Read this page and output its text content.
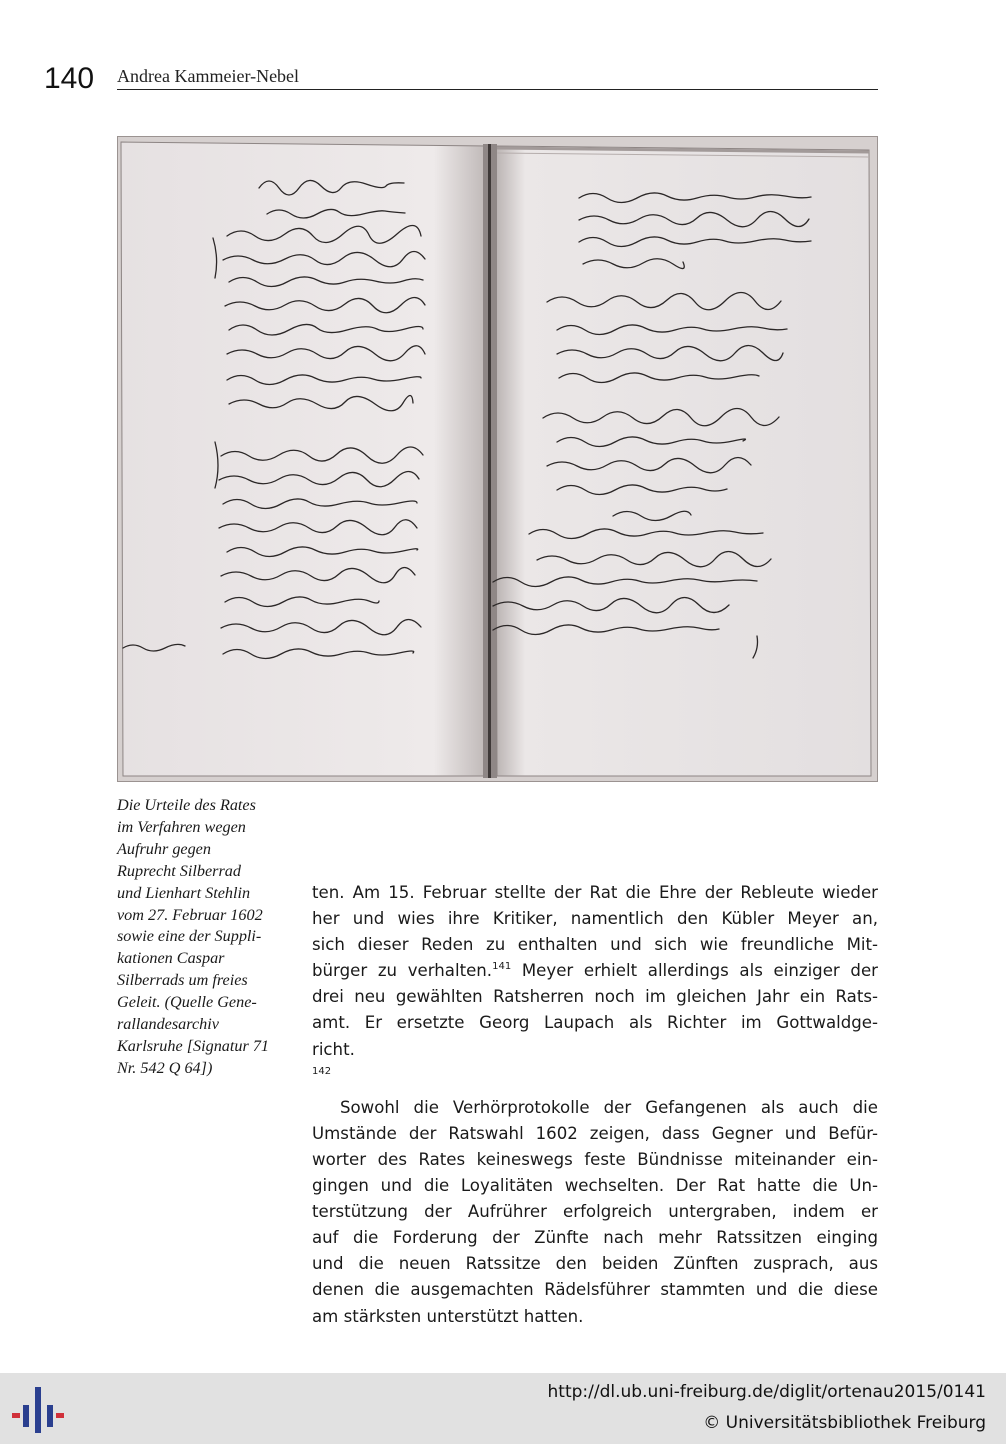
140 Andrea Kammeier-Nebel
Die Urteile des Rates
im Verfahren wegen
Aufruhr gegen
Ruprecht Silberrad
und Lienhart Stehlin
vom 27. Februar 1602
sowie eine der Suppli-
kationen Caspar
Silberrads um freies
Geleit. (Quelle Gene-
rallandesarchiv
Karlsruhe [Signatur 71
Nr. 542 Q 64])
ten. Am 15. Februar stellte der Rat die Ehre der Rebleute wieder
her und wies ihre Kritiker, namentlich den Kübler Meyer an,
sich dieser Reden zu enthalten und sich wie freundliche Mit-
bürger zu verhalten.$^{141}$ Meyer erhielt allerdings als einziger der
drei neu gewählten Ratsherren noch im gleichen Jahr ein Rats-
amt. Er ersetzte Georg Laupach als Richter im Gottwaldge-
richt.
$^{142}$
Sowohl die Verhörprotokolle der Gefangenen als auch die
Umstände der Ratswahl 1602 zeigen, dass Gegner und Befür-
worter des Rates keineswegs feste Bündnisse miteinander ein-
gingen und die Loyalitäten wechselten. Der Rat hatte die Un-
terstützung der Aufrührer erfolgreich untergraben, indem er
auf die Forderung der Zünfte nach mehr Ratssitzen einging
und die neuen Ratssitze den beiden Zünften zusprach, aus
denen die ausgemachten Rädelsführer stammten und die diese
am stärksten unterstützt hatten.
http://dl.ub.uni-freiburg.de/diglit/ortenau2015/0141
© Universitätsbibliothek Freiburg
